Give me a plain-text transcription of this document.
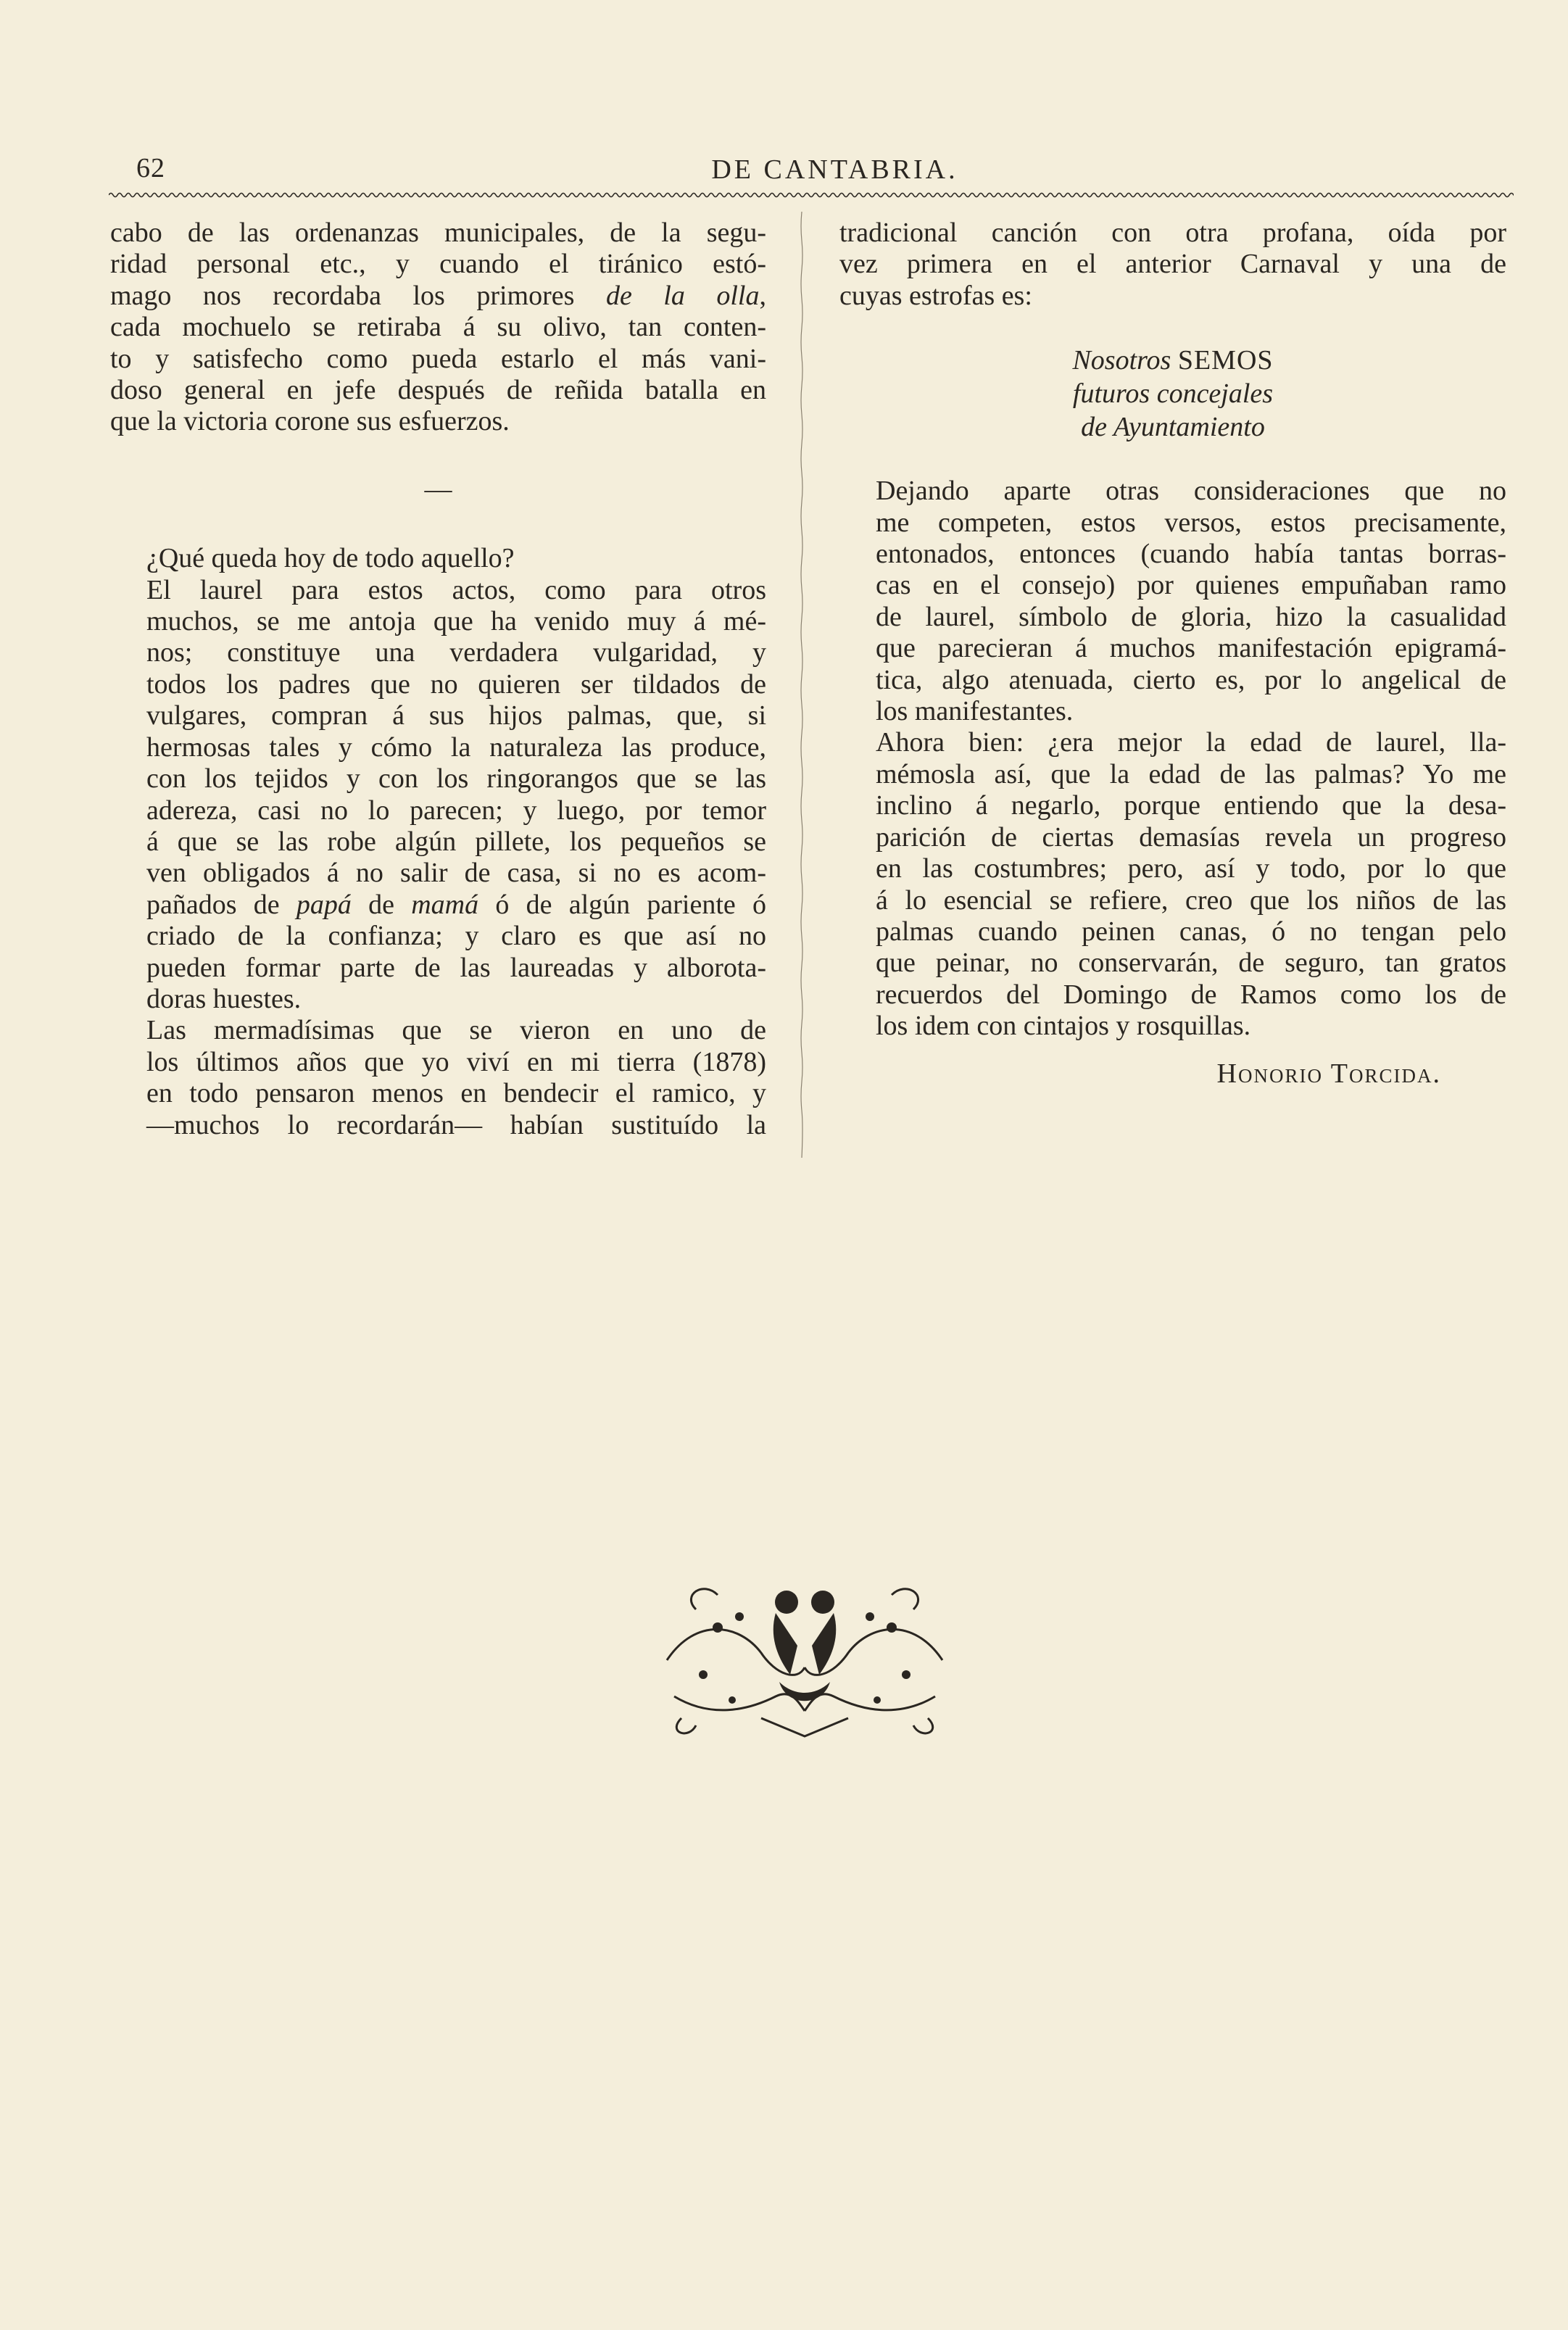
62	DE CANTABRIA.

cabo de las ordenanzas municipales, de la segu-
ridad personal etc., y cuando el tiránico estó-
mago nos recordaba los primores de la olla,
cada mochuelo se retiraba á su olivo, tan conten-
to y satisfecho como pueda estarlo el más vani-
doso general en jefe después de reñida batalla en
que la victoria corone sus esfuerzos.

—

¿Qué queda hoy de todo aquello?

El laurel para estos actos, como para otros
muchos, se me antoja que ha venido muy á mé-
nos; constituye una verdadera vulgaridad, y
todos los padres que no quieren ser tildados de
vulgares, compran á sus hijos palmas, que, si
hermosas tales y cómo la naturaleza las produce,
con los tejidos y con los ringorangos que se las
adereza, casi no lo parecen; y luego, por temor
á que se las robe algún pillete, los pequeños se
ven obligados á no salir de casa, si no es acom-
pañados de papá de mamá ó de algún pariente ó
criado de la confianza; y claro es que así no
pueden formar parte de las laureadas y alborota-
doras huestes.

Las mermadísimas que se vieron en uno de
los últimos años que yo viví en mi tierra (1878)
en todo pensaron menos en bendecir el ramico, y
—muchos lo recordarán— habían sustituído la

tradicional canción con otra profana, oída por
vez primera en el anterior Carnaval y una de
cuyas estrofas es:

Nosotros SEMOS
futuros concejales
de Ayuntamiento

Dejando aparte otras consideraciones que no
me competen, estos versos, estos precisamente,
entonados, entonces (cuando había tantas borras-
cas en el consejo) por quienes empuñaban ramo
de laurel, símbolo de gloria, hizo la casualidad
que parecieran á muchos manifestación epigramá-
tica, algo atenuada, cierto es, por lo angelical de
los manifestantes.

Ahora bien: ¿era mejor la edad de laurel, lla-
mémosla así, que la edad de las palmas? Yo me
inclino á negarlo, porque entiendo que la desa-
parición de ciertas demasías revela un progreso
en las costumbres; pero, así y todo, por lo que
á lo esencial se refiere, creo que los niños de las
palmas cuando peinen canas, ó no tengan pelo
que peinar, no conservarán, de seguro, tan gratos
recuerdos del Domingo de Ramos como los de
los idem con cintajos y rosquillas.

Honorio Torcida.
